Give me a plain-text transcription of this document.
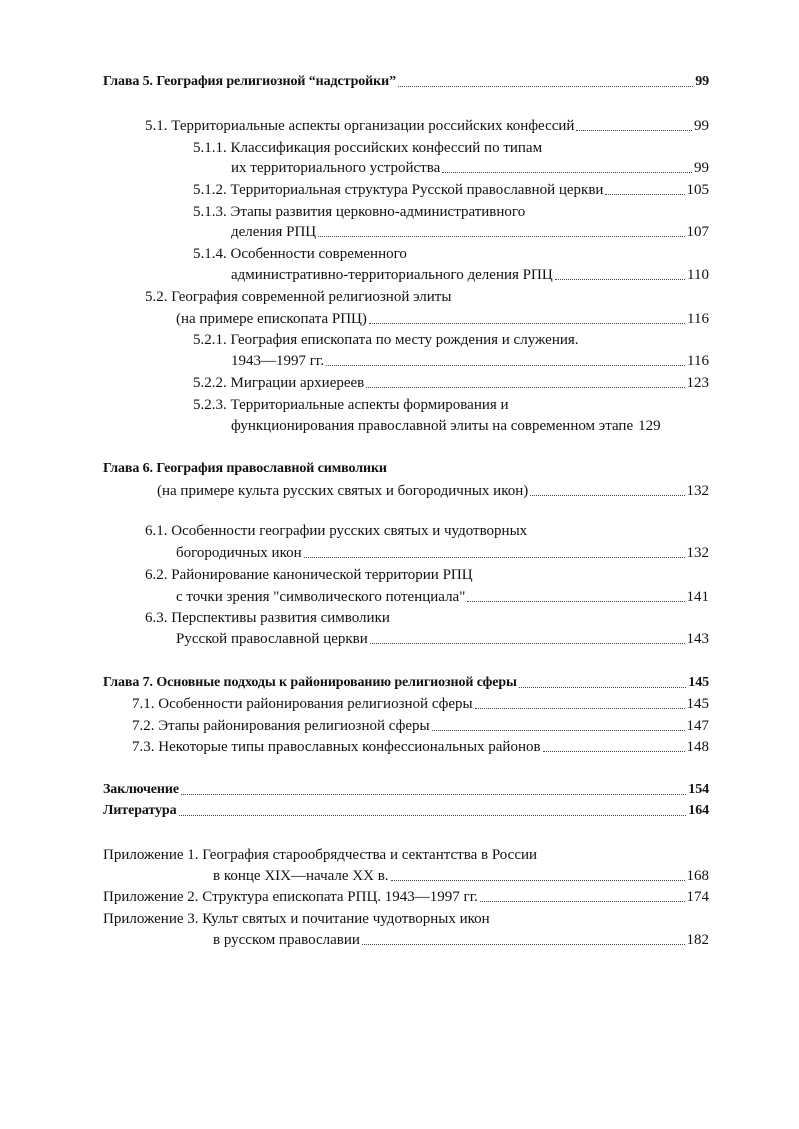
Глава 5. География религиозной “надстройки”	99
5.1. Территориальные аспекты организации российских конфессий	99
5.1.1. Классификация российских конфессий по типам
их территориального устройства	99
5.1.2. Территориальная структура Русской православной церкви	105
5.1.3. Этапы развития церковно-административного
деления РПЦ	107
5.1.4. Особенности современного
административно-территориального деления РПЦ	110
5.2. География современной религиозной элиты
(на примере епископата РПЦ)	116
5.2.1. География епископата по месту рождения и служения.
1943—1997 гг.	116
5.2.2. Миграции архиереев	123
5.2.3. Территориальные аспекты формирования и
функционирования православной элиты на современном этапе 129
Глава 6. География православной символики
(на примере культа русских святых и богородичных икон)	132
6.1. Особенности географии русских святых и чудотворных
богородичных икон	132
6.2. Районирование канонической территории РПЦ
с точки зрения "символического потенциала"	141
6.3. Перспективы развития символики
Русской православной церкви	143
Глава 7. Основные подходы к районированию религиозной сферы	145
7.1. Особенности районирования религиозной сферы	145
7.2. Этапы районирования религиозной сферы	147
7.3. Некоторые типы православных конфессиональных районов	148
Заключение	154
Литература	164
Приложение 1. География старообрядчества и сектантства в России
в конце XIX—начале XX в.	168
Приложение 2. Структура епископата РПЦ. 1943—1997 гг.	174
Приложение 3. Культ святых и почитание чудотворных икон
в русском православии	182
